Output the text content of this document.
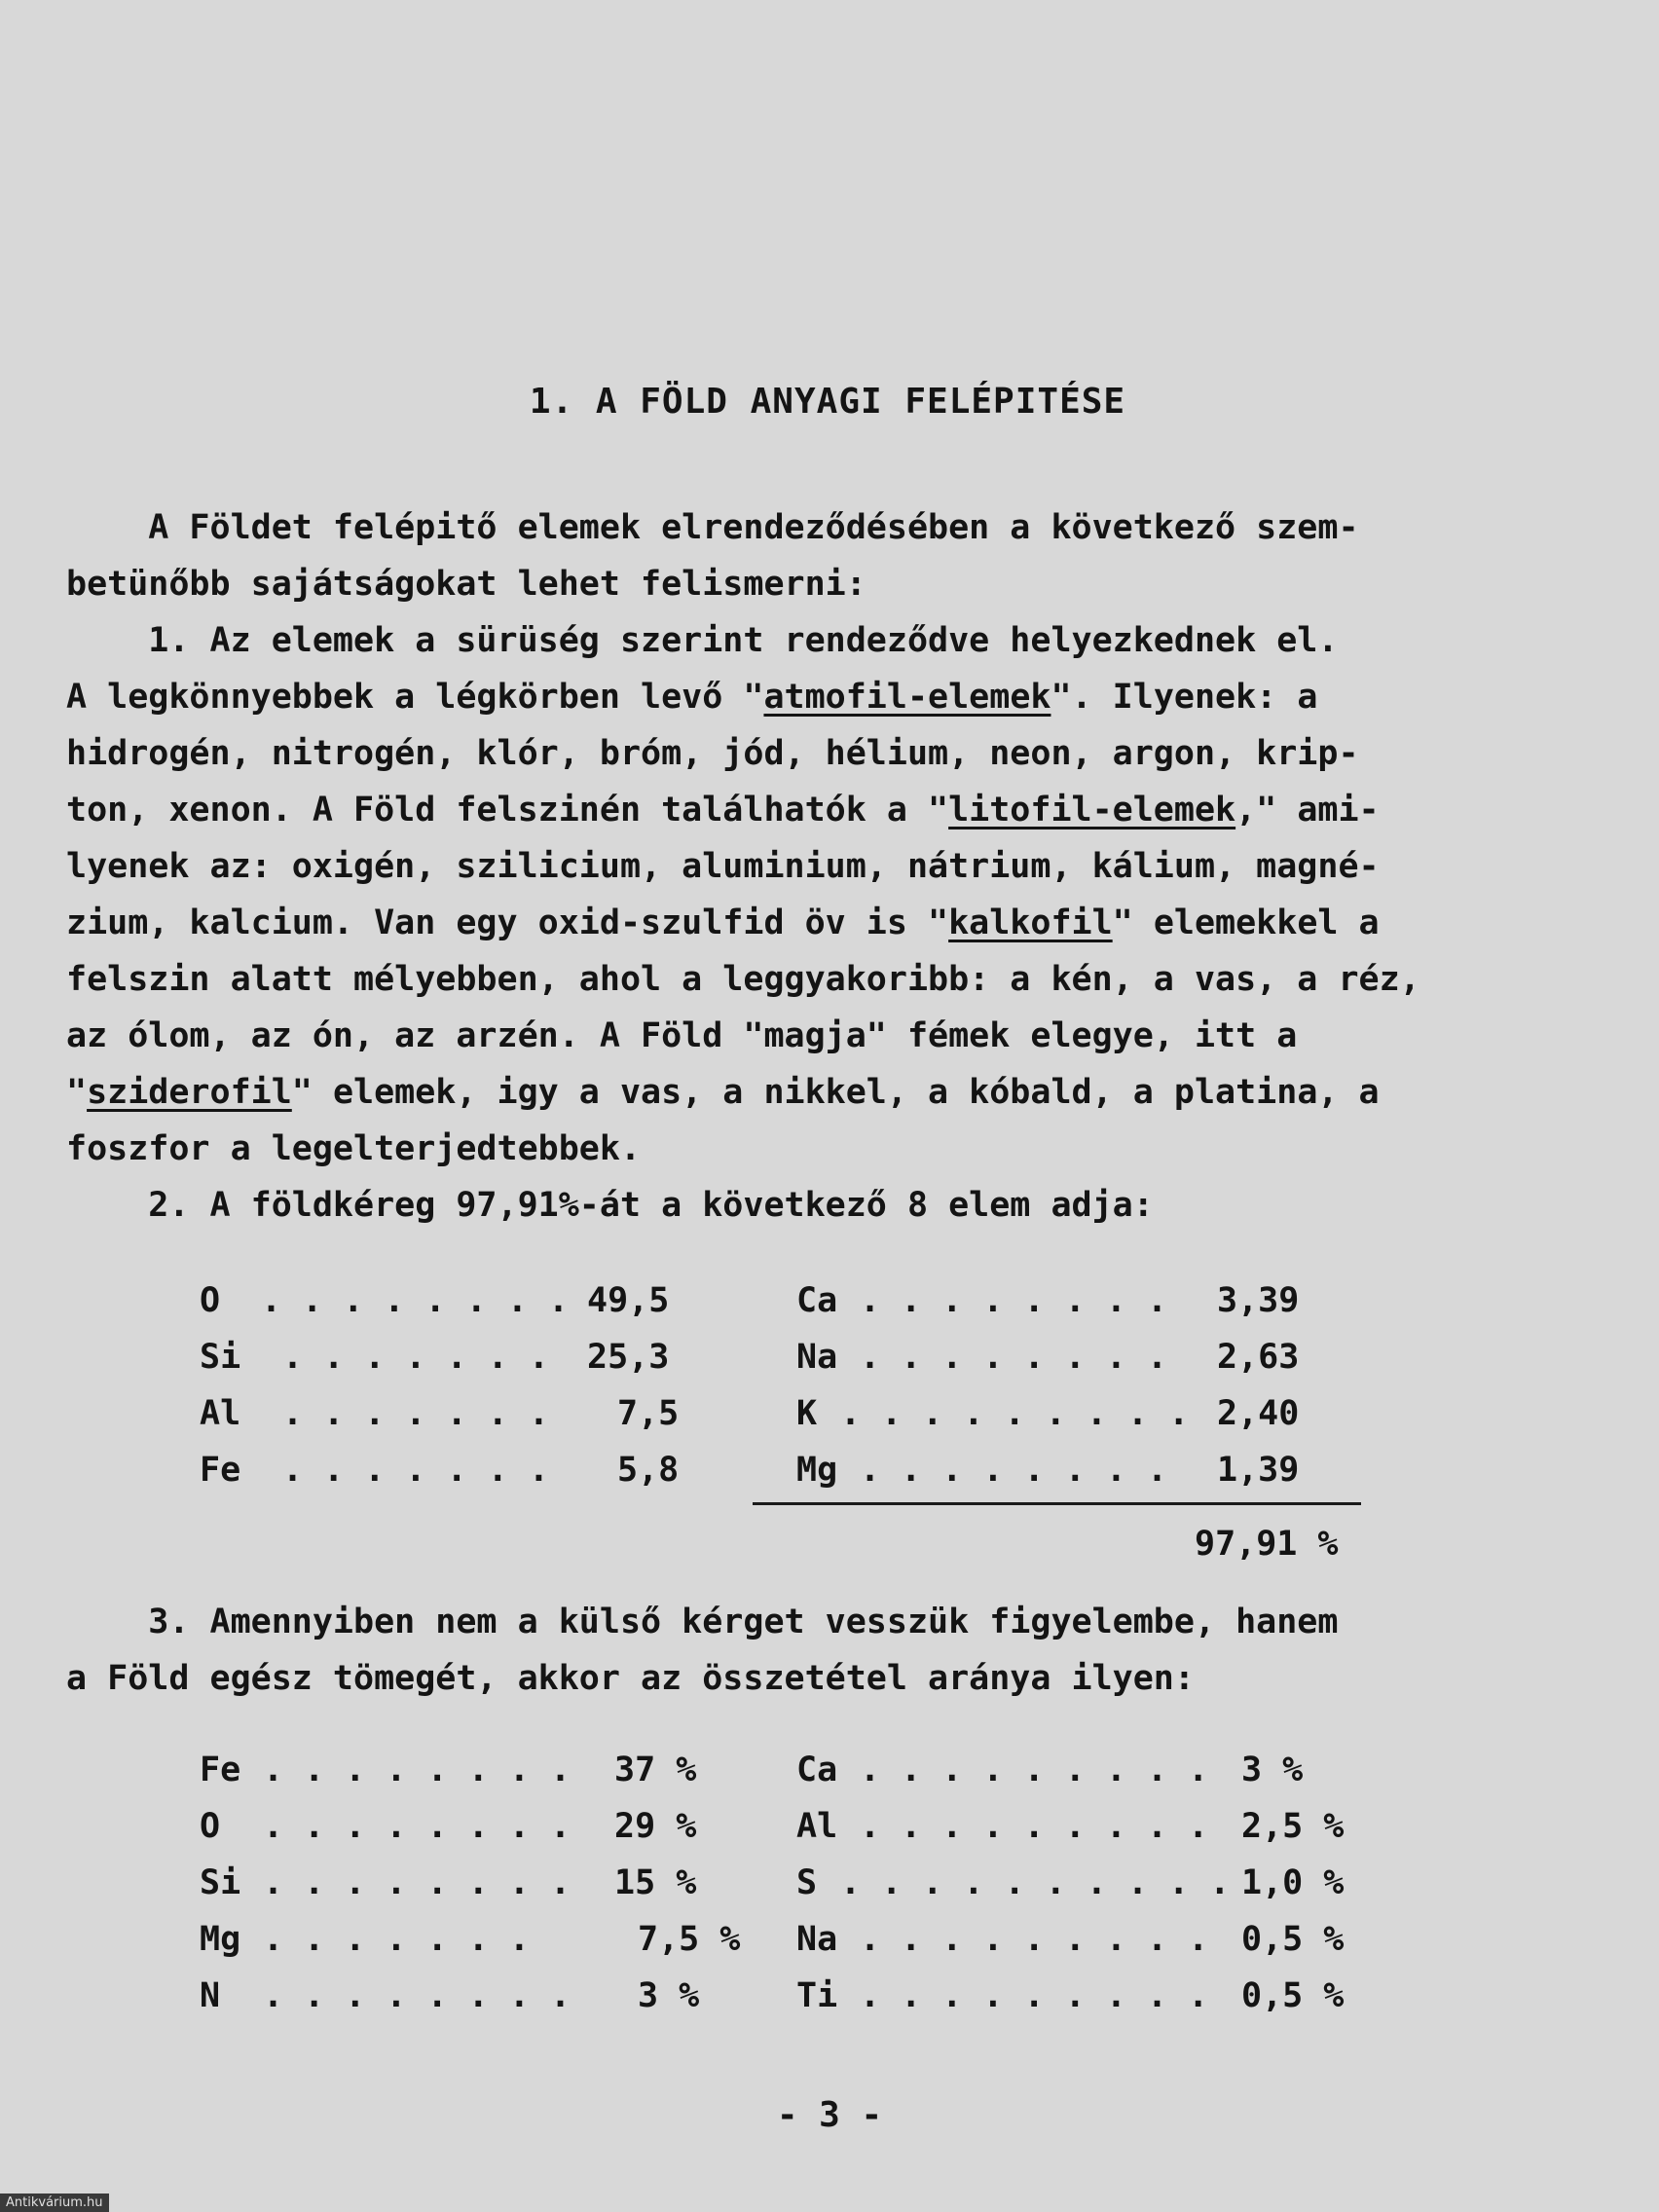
1. A FÖLD ANYAGI FELÉPITÉSE
A Földet felépitő elemek elrendeződésében a következő szem-
betünőbb sajátságokat lehet felismerni:
1. Az elemek a sürüség szerint rendeződve helyezkednek el.
A legkönnyebbek a légkörben levő "atmofil-elemek". Ilyenek: a
hidrogén, nitrogén, klór, bróm, jód, hélium, neon, argon, krip-
ton, xenon. A Föld felszinén találhatók a "litofil-elemek," ami-
lyenek az: oxigén, szilicium, aluminium, nátrium, kálium, magné-
zium, kalcium. Van egy oxid-szulfid öv is "kalkofil" elemekkel a
felszin alatt mélyebben, ahol a leggyakoribb: a kén, a vas, a réz,
az ólom, az ón, az arzén. A Föld "magja" fémek elegye, itt a
"sziderofil" elemek, igy a vas, a nikkel, a kóbald, a platina, a
foszfor a legelterjedtebbek.
2. A földkéreg 97,91%-át a következő 8 elem adja:
O . . . . . . . . 49,5
Si . . . . . . . 25,3
Al . . . . . . . 7,5
Fe . . . . . . . 5,8
Ca . . . . . . . . 3,39
Na . . . . . . . . 2,63
K . . . . . . . . . 2,40
Mg . . . . . . . . 1,39
97,91 %
3. Amennyiben nem a külső kérget vesszük figyelembe, hanem
a Föld egész tömegét, akkor az összetétel aránya ilyen:
Fe . . . . . . . . 37 %
O . . . . . . . . 29 %
Si . . . . . . . . 15 %
Mg . . . . . . .	7,5 %
N . . . . . . . . 3 %
Ca . . . . . . . . . 3 %
Al . . . . . . . . . 2,5 %
S . . . . . . . . . . 1,0 %
Na . . . . . . . . . 0,5 %
Ti . . . . . . . . . 0,5 %
- 3 -
Antikvárium.hu
